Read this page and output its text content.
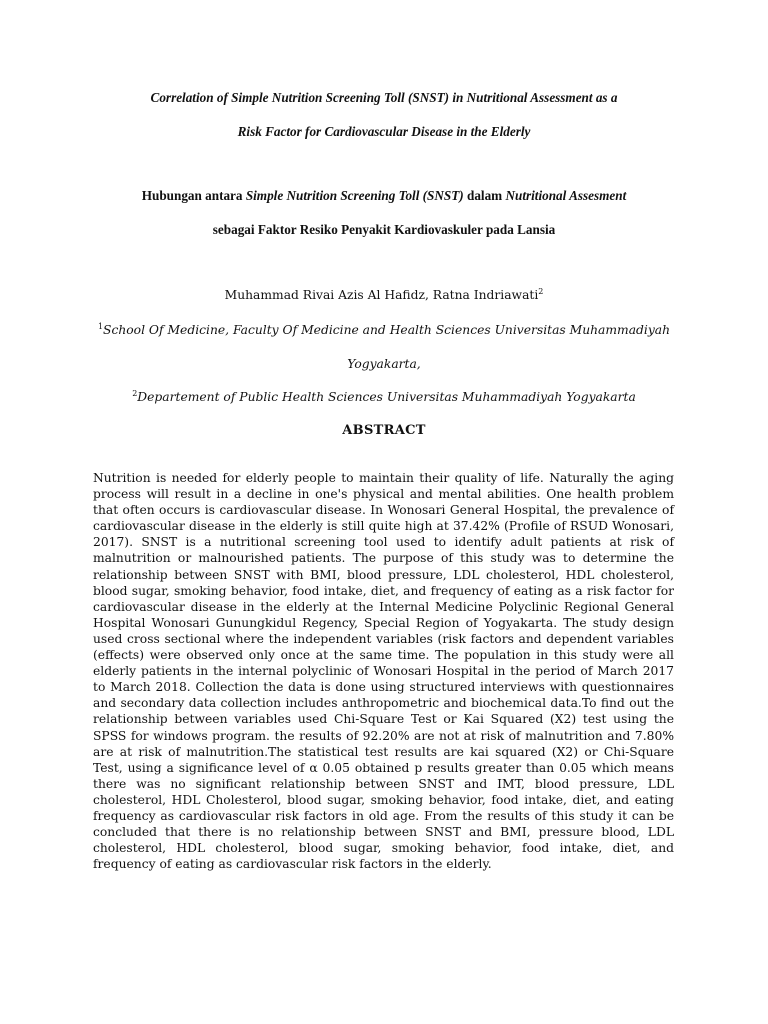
Correlation of Simple Nutrition Screening Toll (SNST) in Nutritional Assessment as a
Risk Factor for Cardiovascular Disease in the Elderly
Hubungan antara Simple Nutrition Screening Toll (SNST) dalam Nutritional Assesment
sebagai Faktor Resiko Penyakit Kardiovaskuler pada Lansia
Muhammad Rivai Azis Al Hafidz, Ratna Indriawati$^2$
$^1$School Of Medicine, Faculty Of Medicine and Health Sciences Universitas Muhammadiyah
Yogyakarta,
$^2$Departement of Public Health Sciences Universitas Muhammadiyah Yogyakarta
ABSTRACT

Nutrition is needed for elderly people to maintain their quality of life. Naturally the aging process will result in a decline in one's physical and mental abilities. One health problem that often occurs is cardiovascular disease. In Wonosari General Hospital, the prevalence of cardiovascular disease in the elderly is still quite high at 37.42% (Profile of RSUD Wonosari, 2017). SNST is a nutritional screening tool used to identify adult patients at risk of malnutrition or malnourished patients. The purpose of this study was to determine the relationship between SNST with BMI, blood pressure, LDL cholesterol, HDL cholesterol, blood sugar, smoking behavior, food intake, diet, and frequency of eating as a risk factor for cardiovascular disease in the elderly at the Internal Medicine Polyclinic Regional General Hospital Wonosari Gunungkidul Regency, Special Region of Yogyakarta. The study design used cross sectional where the independent variables (risk factors and dependent variables (effects) were observed only once at the same time. The population in this study were all elderly patients in the internal polyclinic of Wonosari Hospital in the period of March 2017 to March 2018. Collection the data is done using structured interviews with questionnaires and secondary data collection includes anthropometric and biochemical data.To find out the relationship between variables used Chi-Square Test or Kai Squared (X2) test using the SPSS for windows program. the results of 92.20% are not at risk of malnutrition and 7.80% are at risk of malnutrition.The statistical test results are kai squared (X2) or Chi-Square Test, using a significance level of α 0.05 obtained p results greater than 0.05 which means there was no significant relationship between SNST and IMT, blood pressure, LDL cholesterol, HDL Cholesterol, blood sugar, smoking behavior, food intake, diet, and eating frequency as cardiovascular risk factors in old age. From the results of this study it can be concluded that there is no relationship between SNST and BMI, pressure blood, LDL cholesterol, HDL cholesterol, blood sugar, smoking behavior, food intake, diet, and frequency of eating as cardiovascular risk factors in the elderly.
